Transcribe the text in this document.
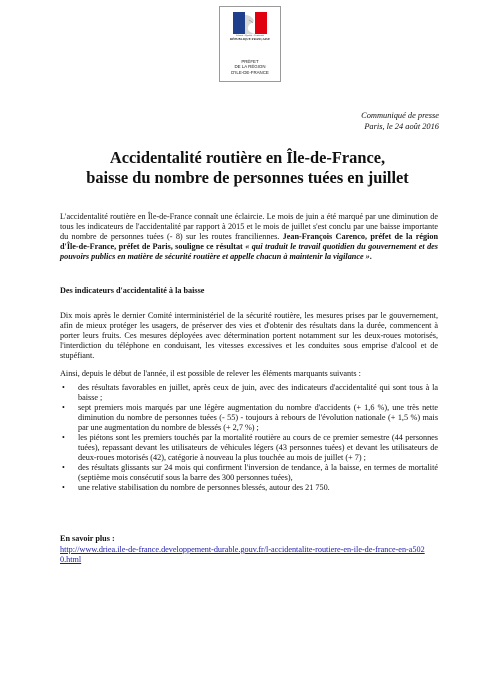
Liberté • Égalité • Fraternité
RÉPUBLIQUE FRANÇAISE
PRÉFET
DE LA RÉGION
D'ILE-DE-FRANCE
Communiqué de presse
Paris, le 24 août 2016
Accidentalité routière en Île-de-France,
baisse du nombre de personnes tuées en juillet
L'accidentalité routière en Île-de-France connaît une éclaircie. Le mois de juin a été marqué par une diminution de tous les indicateurs de l'accidentalité par rapport à 2015 et le mois de juillet s'est conclu par une baisse importante du nombre de personnes tuées (- 8) sur les routes franciliennes. Jean-François Carenco, préfet de la région d'Île-de-France, préfet de Paris, souligne ce résultat « qui traduit le travail quotidien du gouvernement et des pouvoirs publics en matière de sécurité routière et appelle chacun à maintenir la vigilance ».
Des indicateurs d'accidentalité à la baisse
Dix mois après le dernier Comité interministériel de la sécurité routière, les mesures prises par le gouvernement, afin de mieux protéger les usagers, de préserver des vies et d'obtenir des résultats dans la durée, commencent à porter leurs fruits. Ces mesures déployées avec détermination portent notamment sur les deux-roues motorisés, l'interdiction du téléphone en conduisant, les vitesses excessives et les conduites sous emprise d'alcool et de stupéfiant.
Ainsi, depuis le début de l'année, il est possible de relever les éléments marquants suivants :
• des résultats favorables en juillet, après ceux de juin, avec des indicateurs d'accidentalité qui sont tous à la baisse ;
• sept premiers mois marqués par une légère augmentation du nombre d'accidents (+ 1,6 %), une très nette diminution du nombre de personnes tuées (- 55) - toujours à rebours de l'évolution nationale (+ 1,5 %) mais par une augmentation du nombre de blessés (+ 2,7 %) ;
• les piétons sont les premiers touchés par la mortalité routière au cours de ce premier semestre (44 personnes tuées), repassant devant les utilisateurs de véhicules légers (43 personnes tuées) et devant les utilisateurs de deux-roues motorisés (42), catégorie à nouveau la plus touchée au mois de juillet (+ 7) ;
• des résultats glissants sur 24 mois qui confirment l'inversion de tendance, à la baisse, en termes de mortalité (septième mois consécutif sous la barre des 300 personnes tuées),
• une relative stabilisation du nombre de personnes blessés, autour des 21 750.
En savoir plus :
http://www.drieа.ile-de-france.developpement-durable.gouv.fr/l-accidentalite-routiere-en-ile-de-france-en-a5020.html
